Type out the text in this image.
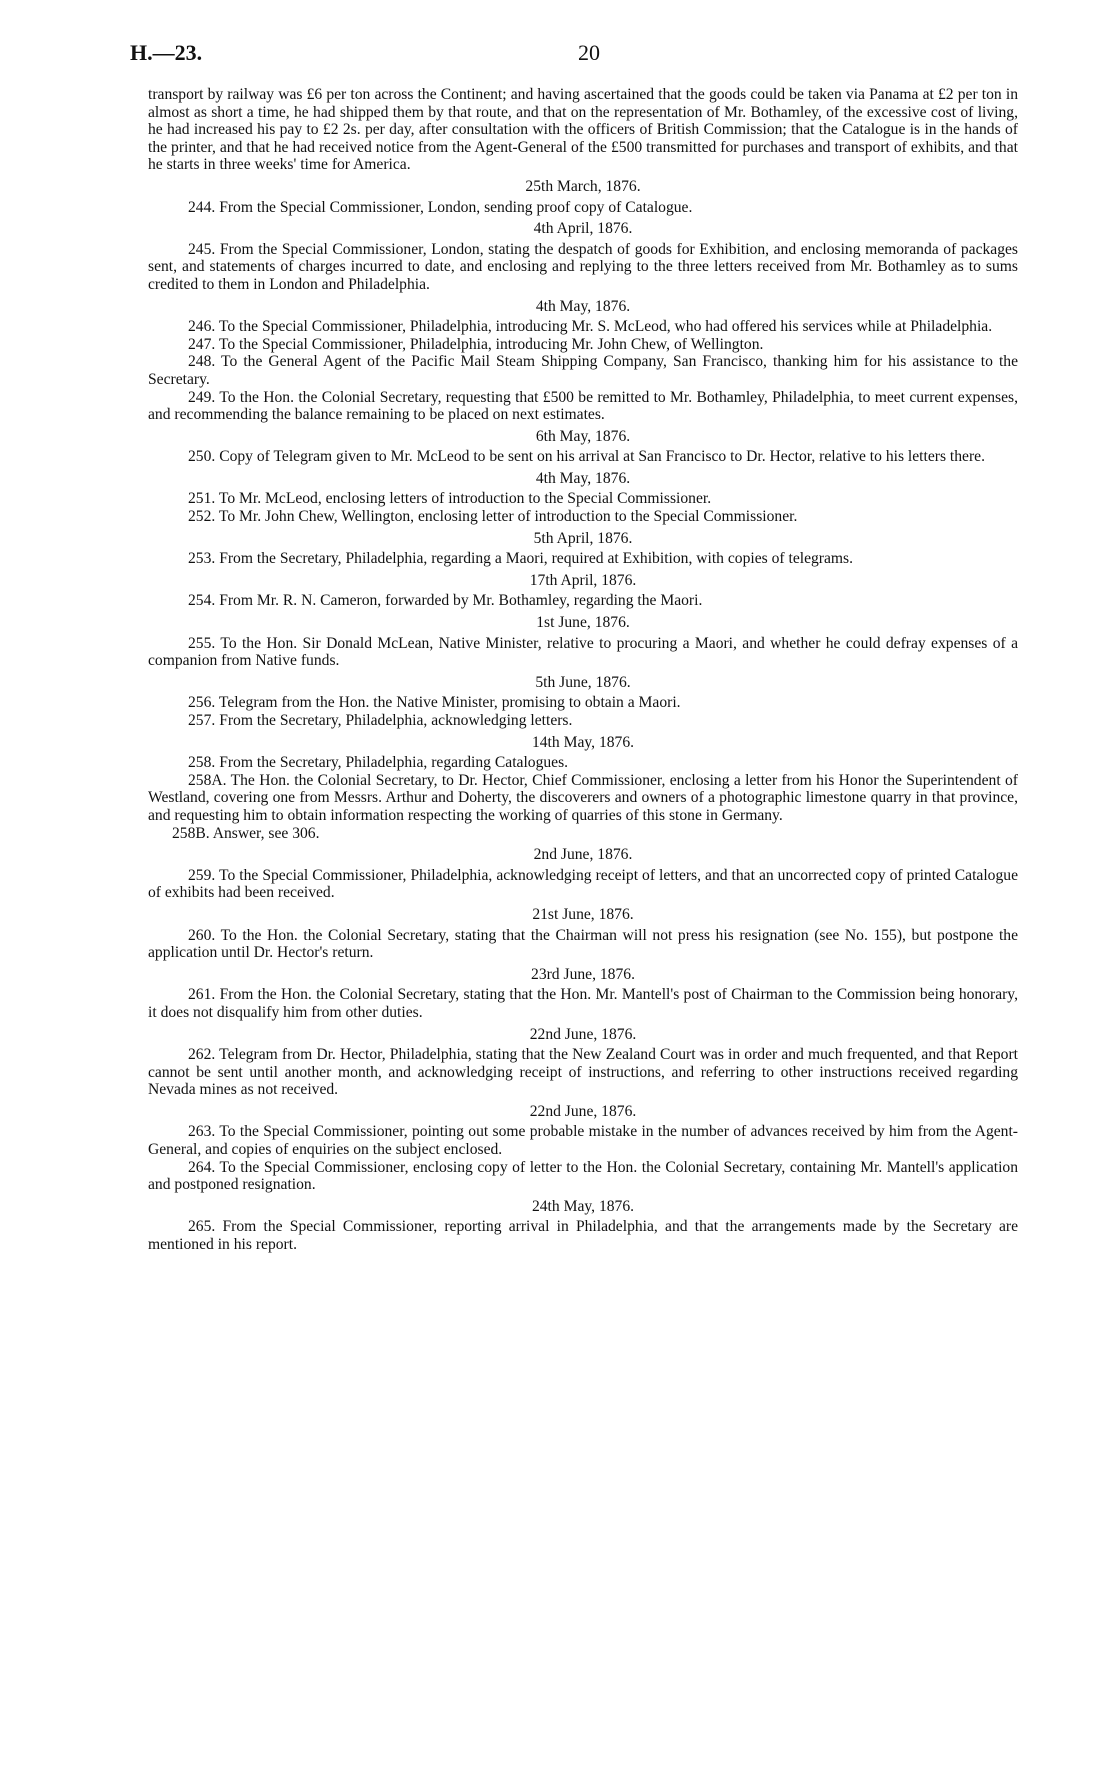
H.—23.	20

transport by railway was £6 per ton across the Continent; and having ascertained that the goods could be taken via Panama at £2 per ton in almost as short a time, he had shipped them by that route, and that on the representation of Mr. Bothamley, of the excessive cost of living, he had increased his pay to £2 2s. per day, after consultation with the officers of British Commission; that the Catalogue is in the hands of the printer, and that he had received notice from the Agent-General of the £500 transmitted for purchases and transport of exhibits, and that he starts in three weeks' time for America.

25th March, 1876.

244. From the Special Commissioner, London, sending proof copy of Catalogue.

4th April, 1876.

245. From the Special Commissioner, London, stating the despatch of goods for Exhibition, and enclosing memoranda of packages sent, and statements of charges incurred to date, and enclosing and replying to the three letters received from Mr. Bothamley as to sums credited to them in London and Philadelphia.

4th May, 1876.

246. To the Special Commissioner, Philadelphia, introducing Mr. S. McLeod, who had offered his services while at Philadelphia.

247. To the Special Commissioner, Philadelphia, introducing Mr. John Chew, of Wellington.

248. To the General Agent of the Pacific Mail Steam Shipping Company, San Francisco, thanking him for his assistance to the Secretary.

249. To the Hon. the Colonial Secretary, requesting that £500 be remitted to Mr. Bothamley, Philadelphia, to meet current expenses, and recommending the balance remaining to be placed on next estimates.

6th May, 1876.

250. Copy of Telegram given to Mr. McLeod to be sent on his arrival at San Francisco to Dr. Hector, relative to his letters there.

4th May, 1876.

251. To Mr. McLeod, enclosing letters of introduction to the Special Commissioner.

252. To Mr. John Chew, Wellington, enclosing letter of introduction to the Special Commissioner.

5th April, 1876.

253. From the Secretary, Philadelphia, regarding a Maori, required at Exhibition, with copies of telegrams.

17th April, 1876.

254. From Mr. R. N. Cameron, forwarded by Mr. Bothamley, regarding the Maori.

1st June, 1876.

255. To the Hon. Sir Donald McLean, Native Minister, relative to procuring a Maori, and whether he could defray expenses of a companion from Native funds.

5th June, 1876.

256. Telegram from the Hon. the Native Minister, promising to obtain a Maori.

257. From the Secretary, Philadelphia, acknowledging letters.

14th May, 1876.

258. From the Secretary, Philadelphia, regarding Catalogues.

258A. The Hon. the Colonial Secretary, to Dr. Hector, Chief Commissioner, enclosing a letter from his Honor the Superintendent of Westland, covering one from Messrs. Arthur and Doherty, the discoverers and owners of a photographic limestone quarry in that province, and requesting him to obtain information respecting the working of quarries of this stone in Germany.

258B. Answer, see 306.

2nd June, 1876.

259. To the Special Commissioner, Philadelphia, acknowledging receipt of letters, and that an uncorrected copy of printed Catalogue of exhibits had been received.

21st June, 1876.

260. To the Hon. the Colonial Secretary, stating that the Chairman will not press his resignation (see No. 155), but postpone the application until Dr. Hector's return.

23rd June, 1876.

261. From the Hon. the Colonial Secretary, stating that the Hon. Mr. Mantell's post of Chairman to the Commission being honorary, it does not disqualify him from other duties.

22nd June, 1876.

262. Telegram from Dr. Hector, Philadelphia, stating that the New Zealand Court was in order and much frequented, and that Report cannot be sent until another month, and acknowledging receipt of instructions, and referring to other instructions received regarding Nevada mines as not received.

22nd June, 1876.

263. To the Special Commissioner, pointing out some probable mistake in the number of advances received by him from the Agent-General, and copies of enquiries on the subject enclosed.

264. To the Special Commissioner, enclosing copy of letter to the Hon. the Colonial Secretary, containing Mr. Mantell's application and postponed resignation.

24th May, 1876.

265. From the Special Commissioner, reporting arrival in Philadelphia, and that the arrangements made by the Secretary are mentioned in his report.
